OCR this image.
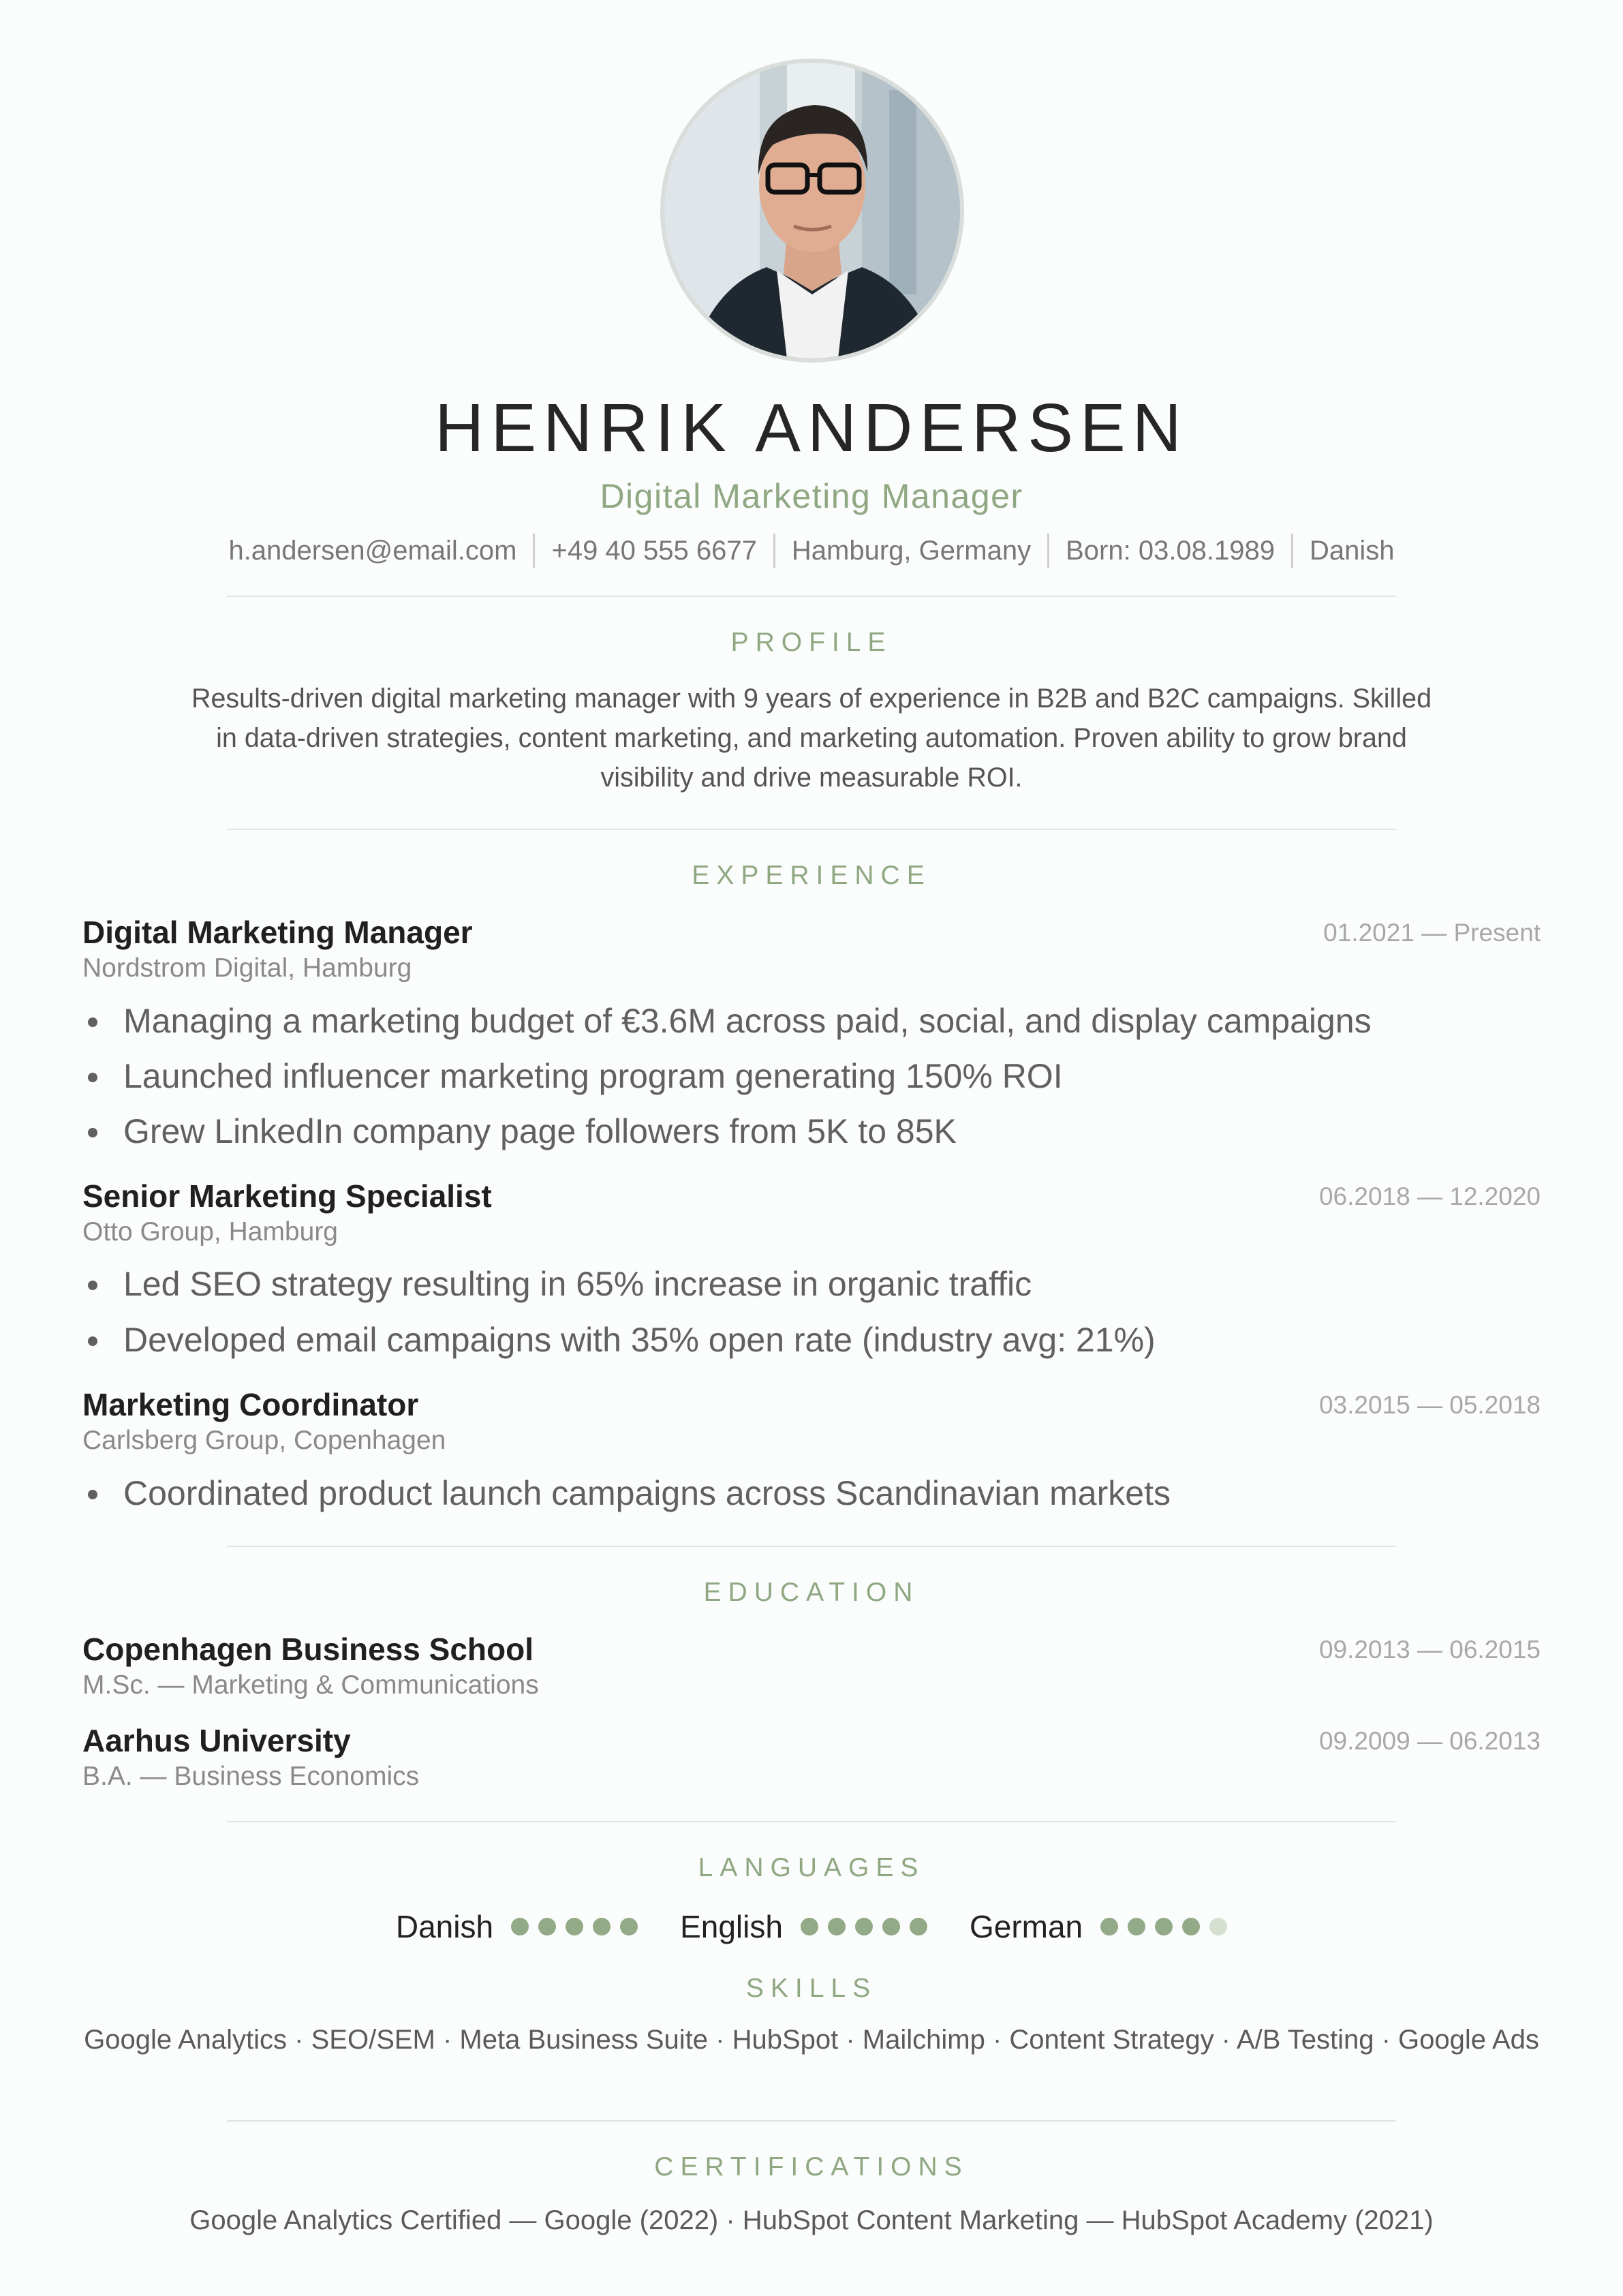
HENRIK ANDERSEN
Digital Marketing Manager
h.andersen@email.com	+49 40 555 6677	Hamburg, Germany	Born: 03.08.1989	Danish
PROFILE
Results-driven digital marketing manager with 9 years of experience in B2B and B2C campaigns. Skilled in data-driven strategies, content marketing, and marketing automation. Proven ability to grow brand visibility and drive measurable ROI.
EXPERIENCE
Digital Marketing Manager	01.2021 — Present
Nordstrom Digital, Hamburg
Managing a marketing budget of €3.6M across paid, social, and display campaigns
Launched influencer marketing program generating 150% ROI
Grew LinkedIn company page followers from 5K to 85K
Senior Marketing Specialist	06.2018 — 12.2020
Otto Group, Hamburg
Led SEO strategy resulting in 65% increase in organic traffic
Developed email campaigns with 35% open rate (industry avg: 21%)
Marketing Coordinator	03.2015 — 05.2018
Carlsberg Group, Copenhagen
Coordinated product launch campaigns across Scandinavian markets
EDUCATION
Copenhagen Business School	09.2013 — 06.2015
M.Sc. — Marketing & Communications
Aarhus University	09.2009 — 06.2013
B.A. — Business Economics
LANGUAGES
Danish	English	German
SKILLS
Google Analytics · SEO/SEM · Meta Business Suite · HubSpot · Mailchimp · Content Strategy · A/B Testing · Google Ads
CERTIFICATIONS
Google Analytics Certified — Google (2022) · HubSpot Content Marketing — HubSpot Academy (2021)
